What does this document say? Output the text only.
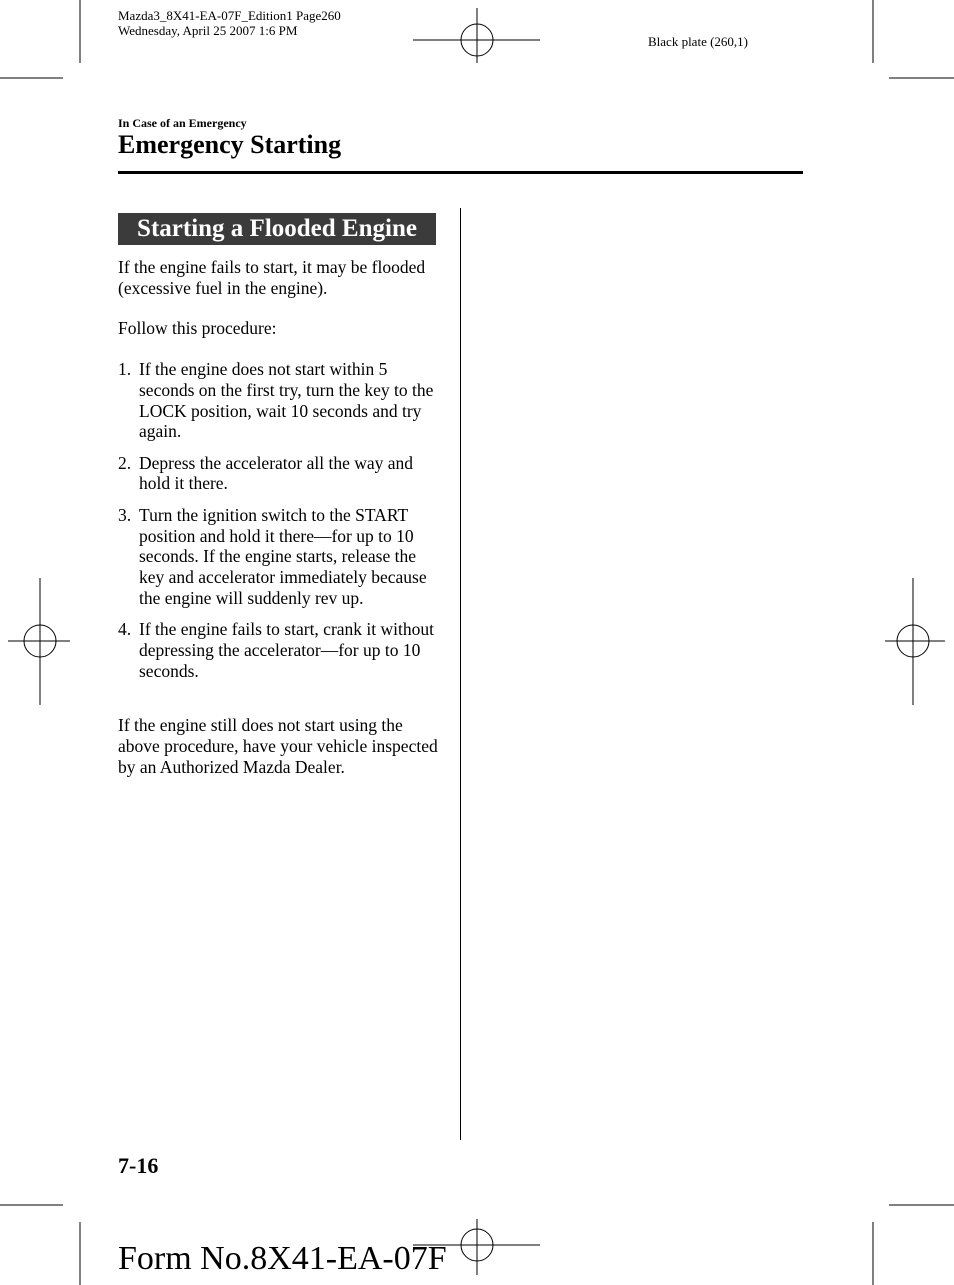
Mazda3_8X41-EA-07F_Edition1 Page260
Wednesday, April 25 2007 1:6 PM
Black plate (260,1)
In Case of an Emergency
Emergency Starting
Starting a Flooded Engine
If the engine fails to start, it may be flooded (excessive fuel in the engine).
Follow this procedure:
1. If the engine does not start within 5 seconds on the first try, turn the key to the LOCK position, wait 10 seconds and try again.
2. Depress the accelerator all the way and hold it there.
3. Turn the ignition switch to the START position and hold it there―for up to 10 seconds. If the engine starts, release the key and accelerator immediately because the engine will suddenly rev up.
4. If the engine fails to start, crank it without depressing the accelerator―for up to 10 seconds.
If the engine still does not start using the above procedure, have your vehicle inspected by an Authorized Mazda Dealer.
7-16
Form No.8X41-EA-07F
